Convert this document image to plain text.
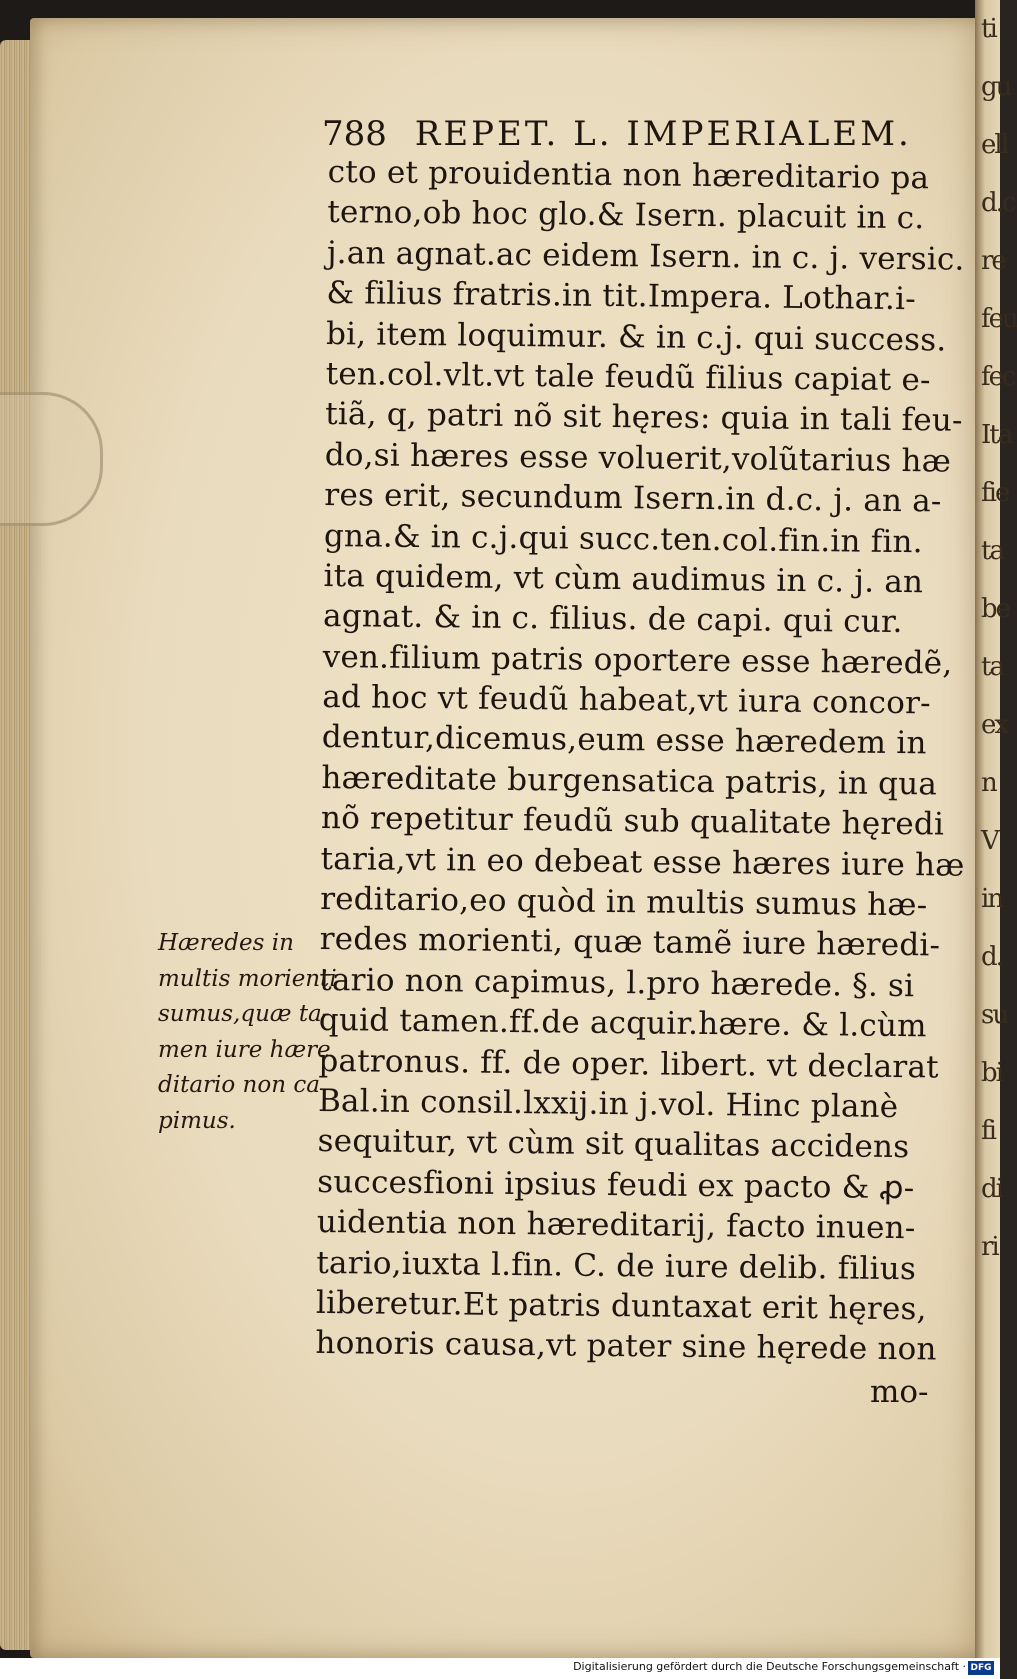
ti
gu
ell
d.c
re
feu
fec
Ita
fie
ta
be
ta
ex
n
V
in
d.
su
bi
fi
di
ri
788 REPET. L. IMPERIALEM.
cto et prouidentia non hæreditario pa
terno,ob hoc glo.& Isern. placuit in c.
j.an agnat.ac eidem Isern. in c. j. versic.
& filius fratris.in tit.Impera. Lothar.i-
bi, item loquimur. & in c.j. qui success.
ten.col.vlt.vt tale feudũ filius capiat e-
tiã, q, patri nõ sit hęres: quia in tali feu-
do,si hæres esse voluerit,volũtarius hæ
res erit, secundum Isern.in d.c. j. an a-
gna.& in c.j.qui succ.ten.col.fin.in fin.
ita quidem, vt cùm audimus in c. j. an
agnat. & in c. filius. de capi. qui cur.
ven.filium patris oportere esse hæredẽ,
ad hoc vt feudũ habeat,vt iura concor-
dentur,dicemus,eum esse hæredem in
hæreditate burgensatica patris, in qua
nõ repetitur feudũ sub qualitate hęredi
taria,vt in eo debeat esse hæres iure hæ
reditario,eo quòd in multis sumus hæ-
redes morienti, quæ tamẽ iure hæredi-
tario non capimus, l.pro hærede. §. si
quid tamen.ff.de acquir.hære. & l.cùm
patronus. ff. de oper. libert. vt declarat
Bal.in consil.lxxij.in j.vol. Hinc planè
sequitur, vt cùm sit qualitas accidens
succesfioni ipsius feudi ex pacto & ꝓ-
uidentia non hæreditarij, facto inuen-
tario,iuxta l.fin. C. de iure delib. filius
liberetur.Et patris duntaxat erit hęres,
honoris causa,vt pater sine hęrede non
mo-
Hæredes in
multis morienti
sumus,quæ ta-
men iure hære
ditario non ca
pimus.
Digitalisierung gefördert durch die Deutsche Forschungsgemeinschaft · DFG
